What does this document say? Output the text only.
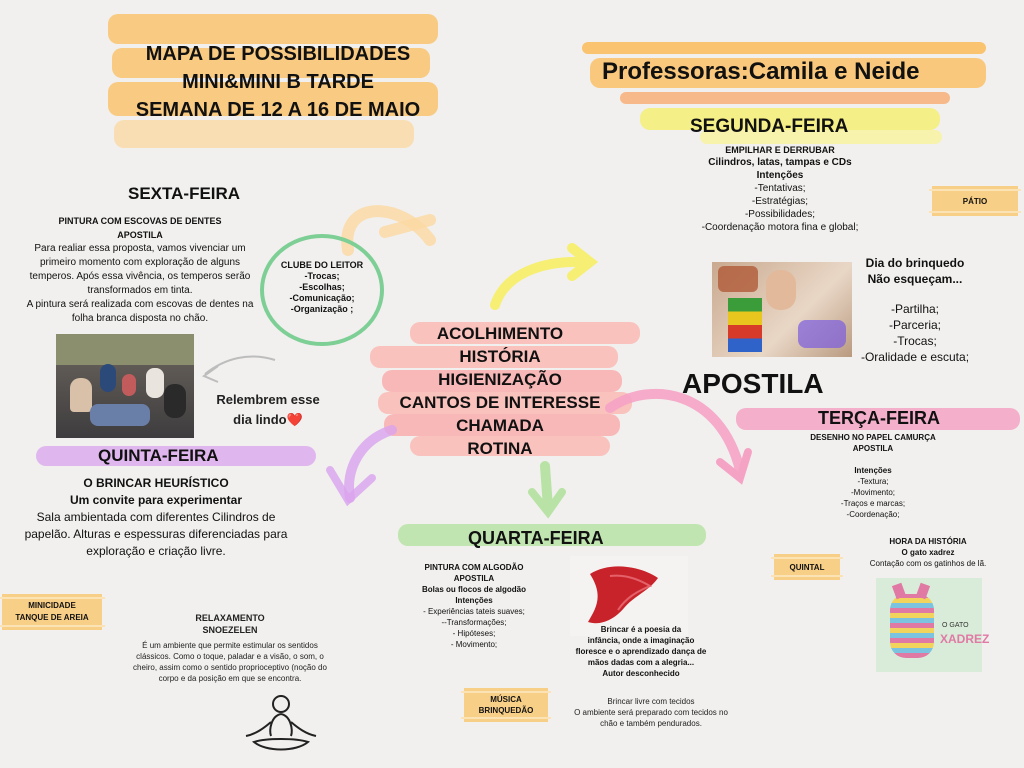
MAPA DE POSSIBILIDADES
MINI&MINI B TARDE
SEMANA DE 12 A 16 DE MAIO
Professoras:Camila e Neide
SEGUNDA-FEIRA
EMPILHAR E DERRUBAR
Cilindros, latas, tampas e CDs
Intenções
-Tentativas;
-Estratégias;
-Possibilidades;
-Coordenação motora fina e global;
PÁTIO
Dia do brinquedo
Não esqueçam...
-Partilha;
-Parceria;
-Trocas;
-Oralidade e escuta;
APOSTILA
TERÇA-FEIRA
DESENHO NO PAPEL CAMURÇA
APOSTILA
Intenções
-Textura;
-Movimento;
-Traços e marcas;
-Coordenação;
HORA DA HISTÓRIA
O gato xadrez
Contação com os gatinhos de lã.
QUINTAL
O GATO
XADREZ
ACOLHIMENTO
HISTÓRIA
HIGIENIZAÇÃO
CANTOS DE INTERESSE
CHAMADA
ROTINA
CLUBE DO LEITOR
-Trocas;
-Escolhas;
-Comunicação;
-Organização ;
SEXTA-FEIRA
PINTURA COM ESCOVAS DE DENTES
APOSTILA
Para realiar essa proposta, vamos vivenciar um
primeiro momento com exploração de alguns
temperos. Após essa vivência, os temperos serão
transformados em tinta.
A pintura será realizada com escovas de dentes na
folha branca disposta no chão.
Relembrem esse
dia lindo❤️
QUINTA-FEIRA
O BRINCAR HEURÍSTICO
Um convite para experimentar
Sala ambientada com diferentes Cilindros de
papelão. Alturas e espessuras diferenciadas para
exploração e criação livre.
MINICIDADE
TANQUE DE AREIA	RELAXAMENTO
SNOEZELEN
É um ambiente que permite estimular os sentidos
clássicos. Como o toque, paladar e a visão, o som, o
cheiro, assim como o sentido proprioceptivo (noção do
corpo e da posição em que se encontra.
QUARTA-FEIRA
PINTURA COM ALGODÃO
APOSTILA
Bolas ou flocos de algodão
Intenções
- Experiências tateis suaves;
--Transformações;
- Hipóteses;
- Movimento;
Brincar é a poesia da
infância, onde a imaginação
floresce e o aprendizado dança de
mãos dadas com a alegria...
Autor desconhecido
MÚSICA
BRINQUEDÃO
Brincar livre com tecidos
O ambiente será preparado com tecidos no
chão e também pendurados.
